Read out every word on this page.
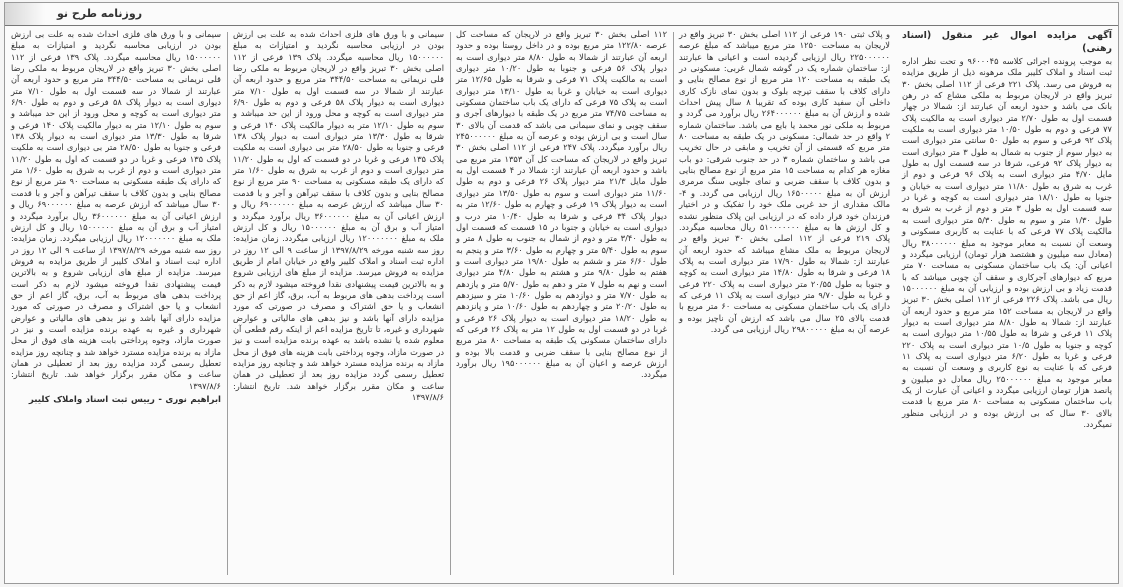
روزنامه طرح نو
آگهی مزایده اموال غیر منقول (اسناد رهنی)

به موجب پرونده اجرائی کلاسه ۹۶۰۰۰۴۵ و تحت نظر اداره ثبت اسناد و املاک کلیبر ملک مرهونه ذیل از طریق مزایده به فروش می رسد. پلاک ۲۲۱ فرعی از ۱۱۲ اصلی بخش ۳۰ تبریز واقع در لاریجان مربوط به ملکی مشاع که در رهن بانک می باشد و حدود اربعه آن عبارتند از: شمالا در چهار قسمت اول به طول ۲/۷۰ متر دیواری است به مالکیت پلاک ۷۷ فرعی و دوم به طول ۱۰/۵۰ متر دیواری است به ملکیت پلاک ۹۲ فرعی و سوم به طول ۵۰ سانتی متر دیواری است به دیوار سوم از جنوب به شمال به طول ۳ متر دیواری است به دیوار پلاک ۹۲ فرعی، شرقا در سه قسمت اول به طول مایل ۴/۷۰ متر دیواری است به پلاک ۹۶ فرعی و دوم از غرب به شرق به طول ۱۱/۸۰ متر دیواری است به خیابان و جنوبا به طول ۱۸/۱۰ متر دیواری است به کوچه و غربا در سه قسمت اول به طول ۳ متر و دوم از غرب به شرق به طول ۱/۳۰ متر و سوم به طول ۵/۳۰ متر دیواری است به مالکیت پلاک ۷۷ فرعی که با عنایت به کاربری مسکونی و وسعت آن نسبت به معابر موجود به مبلغ ۳۸۰۰۰۰۰۰ ریال (معادل سه میلیون و هشتصد هزار تومان) ارزیابی میگردد و اعیانی آن: یک باب ساختمان مسکونی به مساحت ۷۰ متر مربع که دیوارهای آجرکاری و سقف آن چوبی میباشد که با قدمت زیاد و بی ارزش بوده و ارزیابی آن به مبلغ ۱۵۰۰۰۰۰۰ ریال می باشد. پلاک ۲۲۶ فرعی از ۱۱۲ اصلی بخش ۳۰ تبریز واقع در لاریجان به مساحت ۱۵۲ متر مربع و حدود اربعه آن عبارتند از: شمالا به طول ۸/۸۰ متر دیواری است به دیوار پلاک ۱۱ فرعی و شرقا به طول ۱۰/۵۵ متر دیواری است به کوچه و جنوبا به طول ۱۰/۵ متر دیواری است به پلاک ۲۲۰ فرعی و غربا به طول ۶/۲۰ متر دیواری است به پلاک ۱۱ فرعی که با عنایت به نوع کاربری و وسعت آن نسبت به معابر موجود به مبلغ ۲۵۰۰۰۰۰۰ ریال معادل دو میلیون و پانصد هزار تومان ارزیابی میگردد و اعیانی آن عبارت از یک باب ساختمان مسکونی به مساحت ۸۰ متر مربع با قدمت بالای ۳۰ سال که بی ارزش بوده و در ارزیابی منظور نمیگردد.

و پلاک ثبتی ۱۹۰ فرعی از ۱۱۲ اصلی بخش ۳۰ تبریز واقع در لاریجان به مساحت ۱۲۵۰ متر مربع میباشد که مبلغ عرصه ۲۲۵۰۰۰۰۰۰ ریال ارزیابی گردیده است و اعیانی ها عبارتند از: ساختمان شماره یک در گوشه شمال غربی: مسکونی در یک طبقه به مساحت ۱۲۰ متر مربع از نوع مصالح بنایی و دارای کلاف با سقف تیرچه بلوک و بدون نمای نازک کاری داخلی آن سفید کاری بوده که تقریبا ۸ سال پیش احداث شده و ارزش آن به مبلغ ۲۶۴۰۰۰۰۰۰ ریال برآورد می گردد و مربوط به ملکی نور محمد یا بایع می باشد. ساختمان شماره ۲ واقع در حد شمالی: مسکونی در یک طبقه به مساحت ۸۰ متر مربع که قسمتی از آن تخریب و مابقی در حال تخریب می باشد و ساختمان شماره ۳ در حد جنوب شرقی: دو باب مغازه هر کدام به مساحت ۱۵ متر مربع از نوع مصالح بنایی و بدون کلاف با سقف ضربی و نمای جلویی سنگ مرمری ارزش آن به مبلغ ۱۶۵۰۰۰۰۰ ریال ارزیابی می گردد. و ۴- مالک مقداری از حد غربی ملک خود را تفکیک و در اختیار فرزندان خود قرار داده که در ارزیابی این پلاک منظور نشده و کل ارزش ها به مبلغ ۵۱۰۰۰۰۰۰۰ ریال محاسبه میگردد. پلاک ۲۱۹ فرعی از ۱۱۲ اصلی بخش ۳۰ تبریز واقع در لاریجان مربوط به ملک مشاع میباشد که حدود اربعه آن عبارتند از: شمالا به طول ۱۷/۹۰ متر دیواری است به پلاک ۱۸ فرعی و شرقا به طول ۱۴/۸۰ متر دیواری است به کوچه و جنوبا به طول ۲۰/۵۵ متر دیواری است به پلاک ۲۲۰ فرعی و غربا به طول ۹/۷۰ متر دیواری است به پلاک ۱۱ فرعی که دارای یک باب ساختمان مسکونی به مساحت ۶۰ متر مربع با قدمت بالای ۲۵ سال می باشد که ارزش آن ناچیز بوده و عرصه آن به مبلغ ۲۹۸۰۰۰۰۰ ریال ارزیابی می گردد.

۱۱۲ اصلی بخش ۳۰ تبریز واقع در لاریجان که مساحت کل عرصه ۱۲۲/۸۰ متر مربع بوده و در داخل روستا بوده و حدود اربعه آن عبارتند از شمالا به طول ۸/۸۰ متر دیواری است به دیوار پلاک ۵۶ فرعی و جنوبا به طول ۱۰/۲۰ متر دیواری است به مالکیت پلاک ۷۱ فرعی و شرقا به طول ۱۲/۶۵ متر دیواری است به خیابان و غربا به طول ۱۳/۱۰ متر دیواری است به پلاک ۷۵ فرعی که دارای یک باب ساختمان مسکونی به مساحت ۷۴/۷۵ متر مربع در یک طبقه با دیوارهای آجری و سقف چوبی و نمای سیمانی می باشد که قدمت آن بالای ۳۰ سال است و بی ارزش بوده و عرصه آن به مبلغ ۲۴۵۰۰۰۰۰۰ ریال برآورد میگردد. پلاک ۲۴۷ فرعی از ۱۱۲ اصلی بخش ۳۰ تبریز واقع در لاریجان که مساحت کل آن ۱۳۵۳ متر مربع می باشد و حدود اربعه آن عبارتند از: شمالا در ۴ قسمت اول به طول مایل ۲۱/۳ متر دیوار پلاک ۲۶ فرعی و دوم به طول ۱۱/۶۰ متر دیواری است و سوم به طول ۱۳/۵۰ متر دیواری است به دیوار پلاک ۱۹ فرعی و چهارم به طول ۱۲/۶۰ متر به دیوار پلاک ۳۴ فرعی و شرقا به طول ۱۰/۴۰ متر درب و دیواری است به خیابان و جنوبا در ۱۵ قسمت که قسمت اول به طول ۳/۴۰ متر و دوم از شمال به جنوب به طول ۸ متر و سوم به طول ۵/۴۰ متر و چهارم به طول ۳/۶۰ متر و پنجم به طول ۶/۶۰ متر و ششم به طول ۱۹/۸۰ متر دیواری است و هفتم به طول ۹/۸۰ متر و هشتم به طول ۴/۸۰ متر دیواری است و نهم به طول ۷ متر و دهم به طول ۵/۷۰ متر و یازدهم به طول ۷/۷۰ متر و دوازدهم به طول ۱۰/۶۰ متر و سیزدهم به طول ۲۰/۲۰ متر و چهاردهم به طول ۱۰/۶۰ متر و پانزدهم به طول ۱۸/۲۰ متر دیواری است به دیوار پلاک ۲۶ فرعی و غربا در دو قسمت اول به طول ۱۲ متر به پلاک ۲۶ فرعی که دارای ساختمان مسکونی یک طبقه به مساحت ۸۰ متر مربع از نوع مصالح بنایی با سقف ضربی و قدمت بالا بوده و ارزش عرصه و اعیان آن به مبلغ ۱۹۵۰۰۰۰۰۰ ریال برآورد میگردد.

سیمانی و با ورق های فلزی احداث شده به علت بی ارزش بودن در ارزیابی محاسبه نگردید و امتیازات به مبلغ ۱۵۰۰۰۰۰۰ ریال محاسبه میگردد. پلاک ۱۳۹ فرعی از ۱۱۲ اصلی بخش ۳۰ تبریز واقع در لاریجان مربوط به ملکی رضا قلی نریمانی به مساحت ۳۴۴/۵۰ متر مربع و حدود اربعه آن عبارتند از شمالا در سه قسمت اول به طول ۷/۱۰ متر دیواری است به دیوار پلاک ۵۸ فرعی و دوم به طول ۶/۹۰ متر دیواری است به کوچه و محل ورود از این حد میباشد و سوم به طول ۱۲/۱۰ متر به دیوار مالکیت پلاک ۱۴۰ فرعی و شرقا به طول ۱۳/۳۰ متر دیواری است به دیوار پلاک ۱۳۸ فرعی و جنوبا به طول ۲۸/۵۰ متر بی دیواری است به ملکیت پلاک ۱۳۵ فرعی و غربا در دو قسمت که اول به طول ۱۱/۲۰ متر دیواری است و دوم از غرب به شرق به طول ۱/۶۰ متر که دارای یک طبقه مسکونی به مساحت ۹۰ متر مربع از نوع مصالح بنایی و بدون کلاف با سقف تیرآهن و آجر و با قدمت ۳۰ سال میباشد که ارزش عرصه به مبلغ ۶۹۰۰۰۰۰۰ ریال و ارزش اعیانی آن به مبلغ ۳۶۰۰۰۰۰۰ ریال برآورد میگردد و امتیاز آب و برق آن به مبلغ ۱۵۰۰۰۰۰۰ ریال و کل ارزش ملک به مبلغ ۱۲۰۰۰۰۰۰۰ ریال ارزیابی میگردد. زمان مزایده: روز سه شنبه مورخه ۱۳۹۷/۸/۲۹ از ساعت ۹ الی ۱۲ روز در اداره ثبت اسناد و املاک کلیبر واقع در خیابان امام از طریق مزایده به فروش میرسد. مزایده از مبلغ های ارزیابی شروع و به بالاترین قیمت پیشنهادی نقدا فروخته میشود لازم به ذکر است پرداخت بدهی های مربوط به آب، برق، گاز اعم از حق انشعاب و یا حق اشتراک و مصرف در صورتی که مورد مزایده دارای آنها باشد و نیز بدهی های مالیاتی و عوارض شهرداری و غیره، تا تاریخ مزایده اعم از اینکه رقم قطعی آن معلوم شده یا نشده باشد به عهده برنده مزایده است و نیز در صورت مازاد، وجوه پرداختی بابت هزینه های فوق از محل مازاد به برنده مزایده مسترد خواهد شد و چنانچه روز مزایده تعطیل رسمی گردد مزایده روز بعد از تعطیلی در همان ساعت و مکان مقرر برگزار خواهد شد. تاریخ انتشار: ۱۳۹۷/۸/۶

سیمانی و با ورق های فلزی احداث شده به علت بی ارزش بودن در ارزیابی محاسبه نگردید و امتیازات به مبلغ ۱۵۰۰۰۰۰۰ ریال محاسبه میگردد. پلاک ۱۳۹ فرعی از ۱۱۲ اصلی بخش ۳۰ تبریز واقع در لاریجان مربوط به ملکی رضا قلی نریمانی به مساحت ۳۴۴/۵۰ متر مربع و حدود اربعه آن عبارتند از شمالا در سه قسمت اول به طول ۷/۱۰ متر دیواری است به دیوار پلاک ۵۸ فرعی و دوم به طول ۶/۹۰ متر دیواری است به کوچه و محل ورود از این حد میباشد و سوم به طول ۱۲/۱۰ متر به دیوار مالکیت پلاک ۱۴۰ فرعی و شرقا به طول ۱۳/۳۰ متر دیواری است به دیوار پلاک ۱۳۸ فرعی و جنوبا به طول ۲۸/۵۰ متر بی دیواری است به ملکیت پلاک ۱۳۵ فرعی و غربا در دو قسمت که اول به طول ۱۱/۲۰ متر دیواری است و دوم از غرب به شرق به طول ۱/۶۰ متر که دارای یک طبقه مسکونی به مساحت ۹۰ متر مربع از نوع مصالح بنایی و بدون کلاف با سقف تیرآهن و آجر و با قدمت ۳۰ سال میباشد که ارزش عرصه به مبلغ ۶۹۰۰۰۰۰۰ ریال و ارزش اعیانی آن به مبلغ ۳۶۰۰۰۰۰۰ ریال برآورد میگردد و امتیاز آب و برق آن به مبلغ ۱۵۰۰۰۰۰۰ ریال و کل ارزش ملک به مبلغ ۱۲۰۰۰۰۰۰۰ ریال ارزیابی میگردد. زمان مزایده: روز سه شنبه مورخه ۱۳۹۷/۸/۲۹ از ساعت ۹ الی ۱۲ روز در اداره ثبت اسناد و املاک کلیبر از طریق مزایده به فروش میرسد. مزایده از مبلغ های ارزیابی شروع و به بالاترین قیمت پیشنهادی نقدا فروخته میشود لازم به ذکر است پرداخت بدهی های مربوط به آب، برق، گاز اعم از حق انشعاب و یا حق اشتراک و مصرف در صورتی که مورد مزایده دارای آنها باشد و نیز بدهی های مالیاتی و عوارض شهرداری و غیره به عهده برنده مزایده است و نیز در صورت مازاد، وجوه پرداختی بابت هزینه های فوق از محل مازاد به برنده مزایده مسترد خواهد شد و چنانچه روز مزایده تعطیل رسمی گردد مزایده روز بعد از تعطیلی در همان ساعت و مکان مقرر برگزار خواهد شد. تاریخ انتشار: ۱۳۹۷/۸/۶

ابراهیم نوری - رییس ثبت اسناد واملاک کلیبر
